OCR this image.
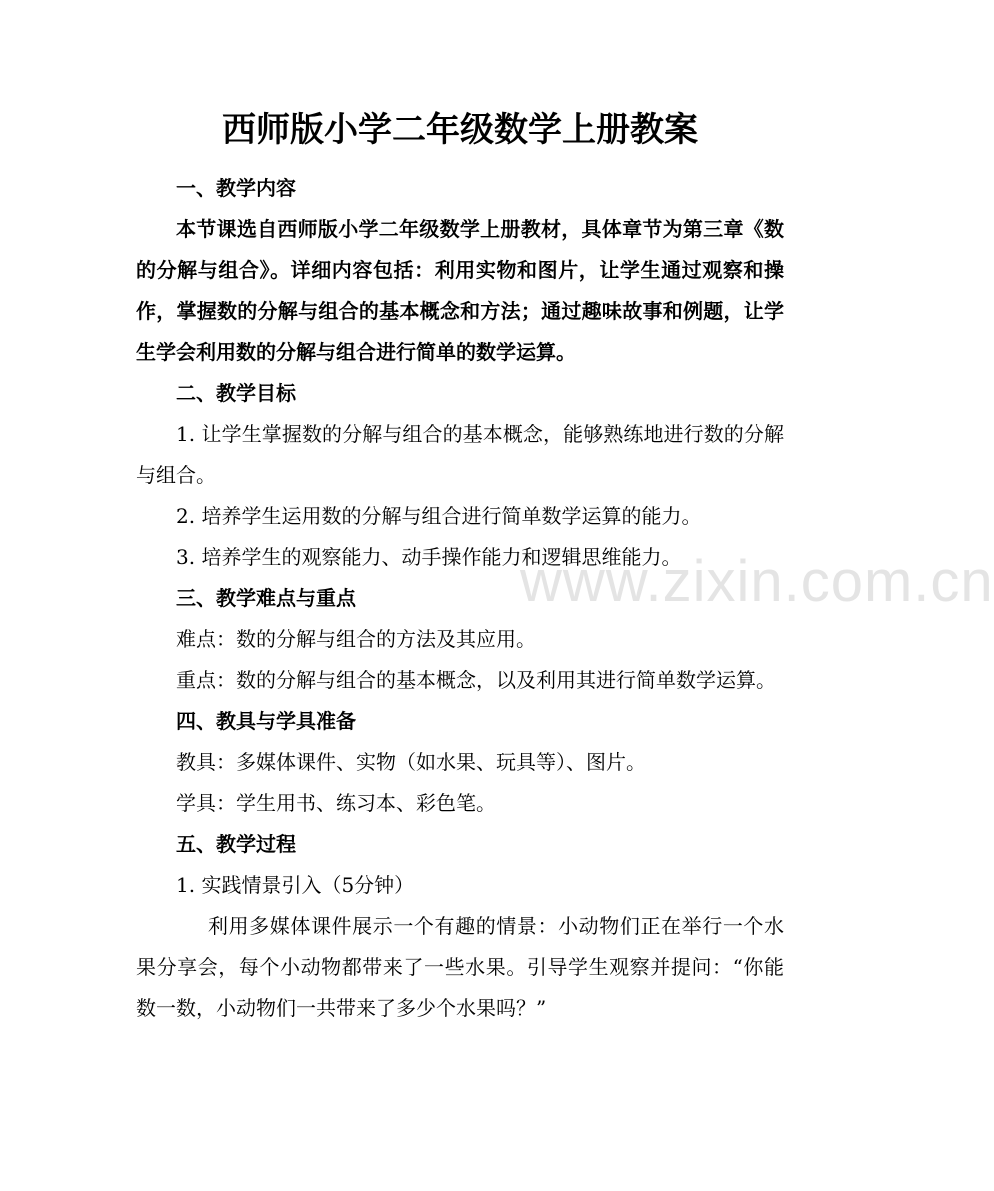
www.zixin.com.cn
西师版小学二年级数学上册教案

一、教学内容

本节课选自西师版小学二年级数学上册教材，具体章节为第三章《数的分解与组合》。详细内容包括：利用实物和图片，让学生通过观察和操作，掌握数的分解与组合的基本概念和方法；通过趣味故事和例题，让学生学会利用数的分解与组合进行简单的数学运算。

二、教学目标

1. 让学生掌握数的分解与组合的基本概念，能够熟练地进行数的分解与组合。

2. 培养学生运用数的分解与组合进行简单数学运算的能力。

3. 培养学生的观察能力、动手操作能力和逻辑思维能力。

三、教学难点与重点

难点：数的分解与组合的方法及其应用。

重点：数的分解与组合的基本概念，以及利用其进行简单数学运算。

四、教具与学具准备

教具：多媒体课件、实物（如水果、玩具等）、图片。

学具：学生用书、练习本、彩色笔。

五、教学过程

1. 实践情景引入（5分钟）

利用多媒体课件展示一个有趣的情景：小动物们正在举行一个水果分享会，每个小动物都带来了一些水果。引导学生观察并提问：“你能数一数，小动物们一共带来了多少个水果吗？”
